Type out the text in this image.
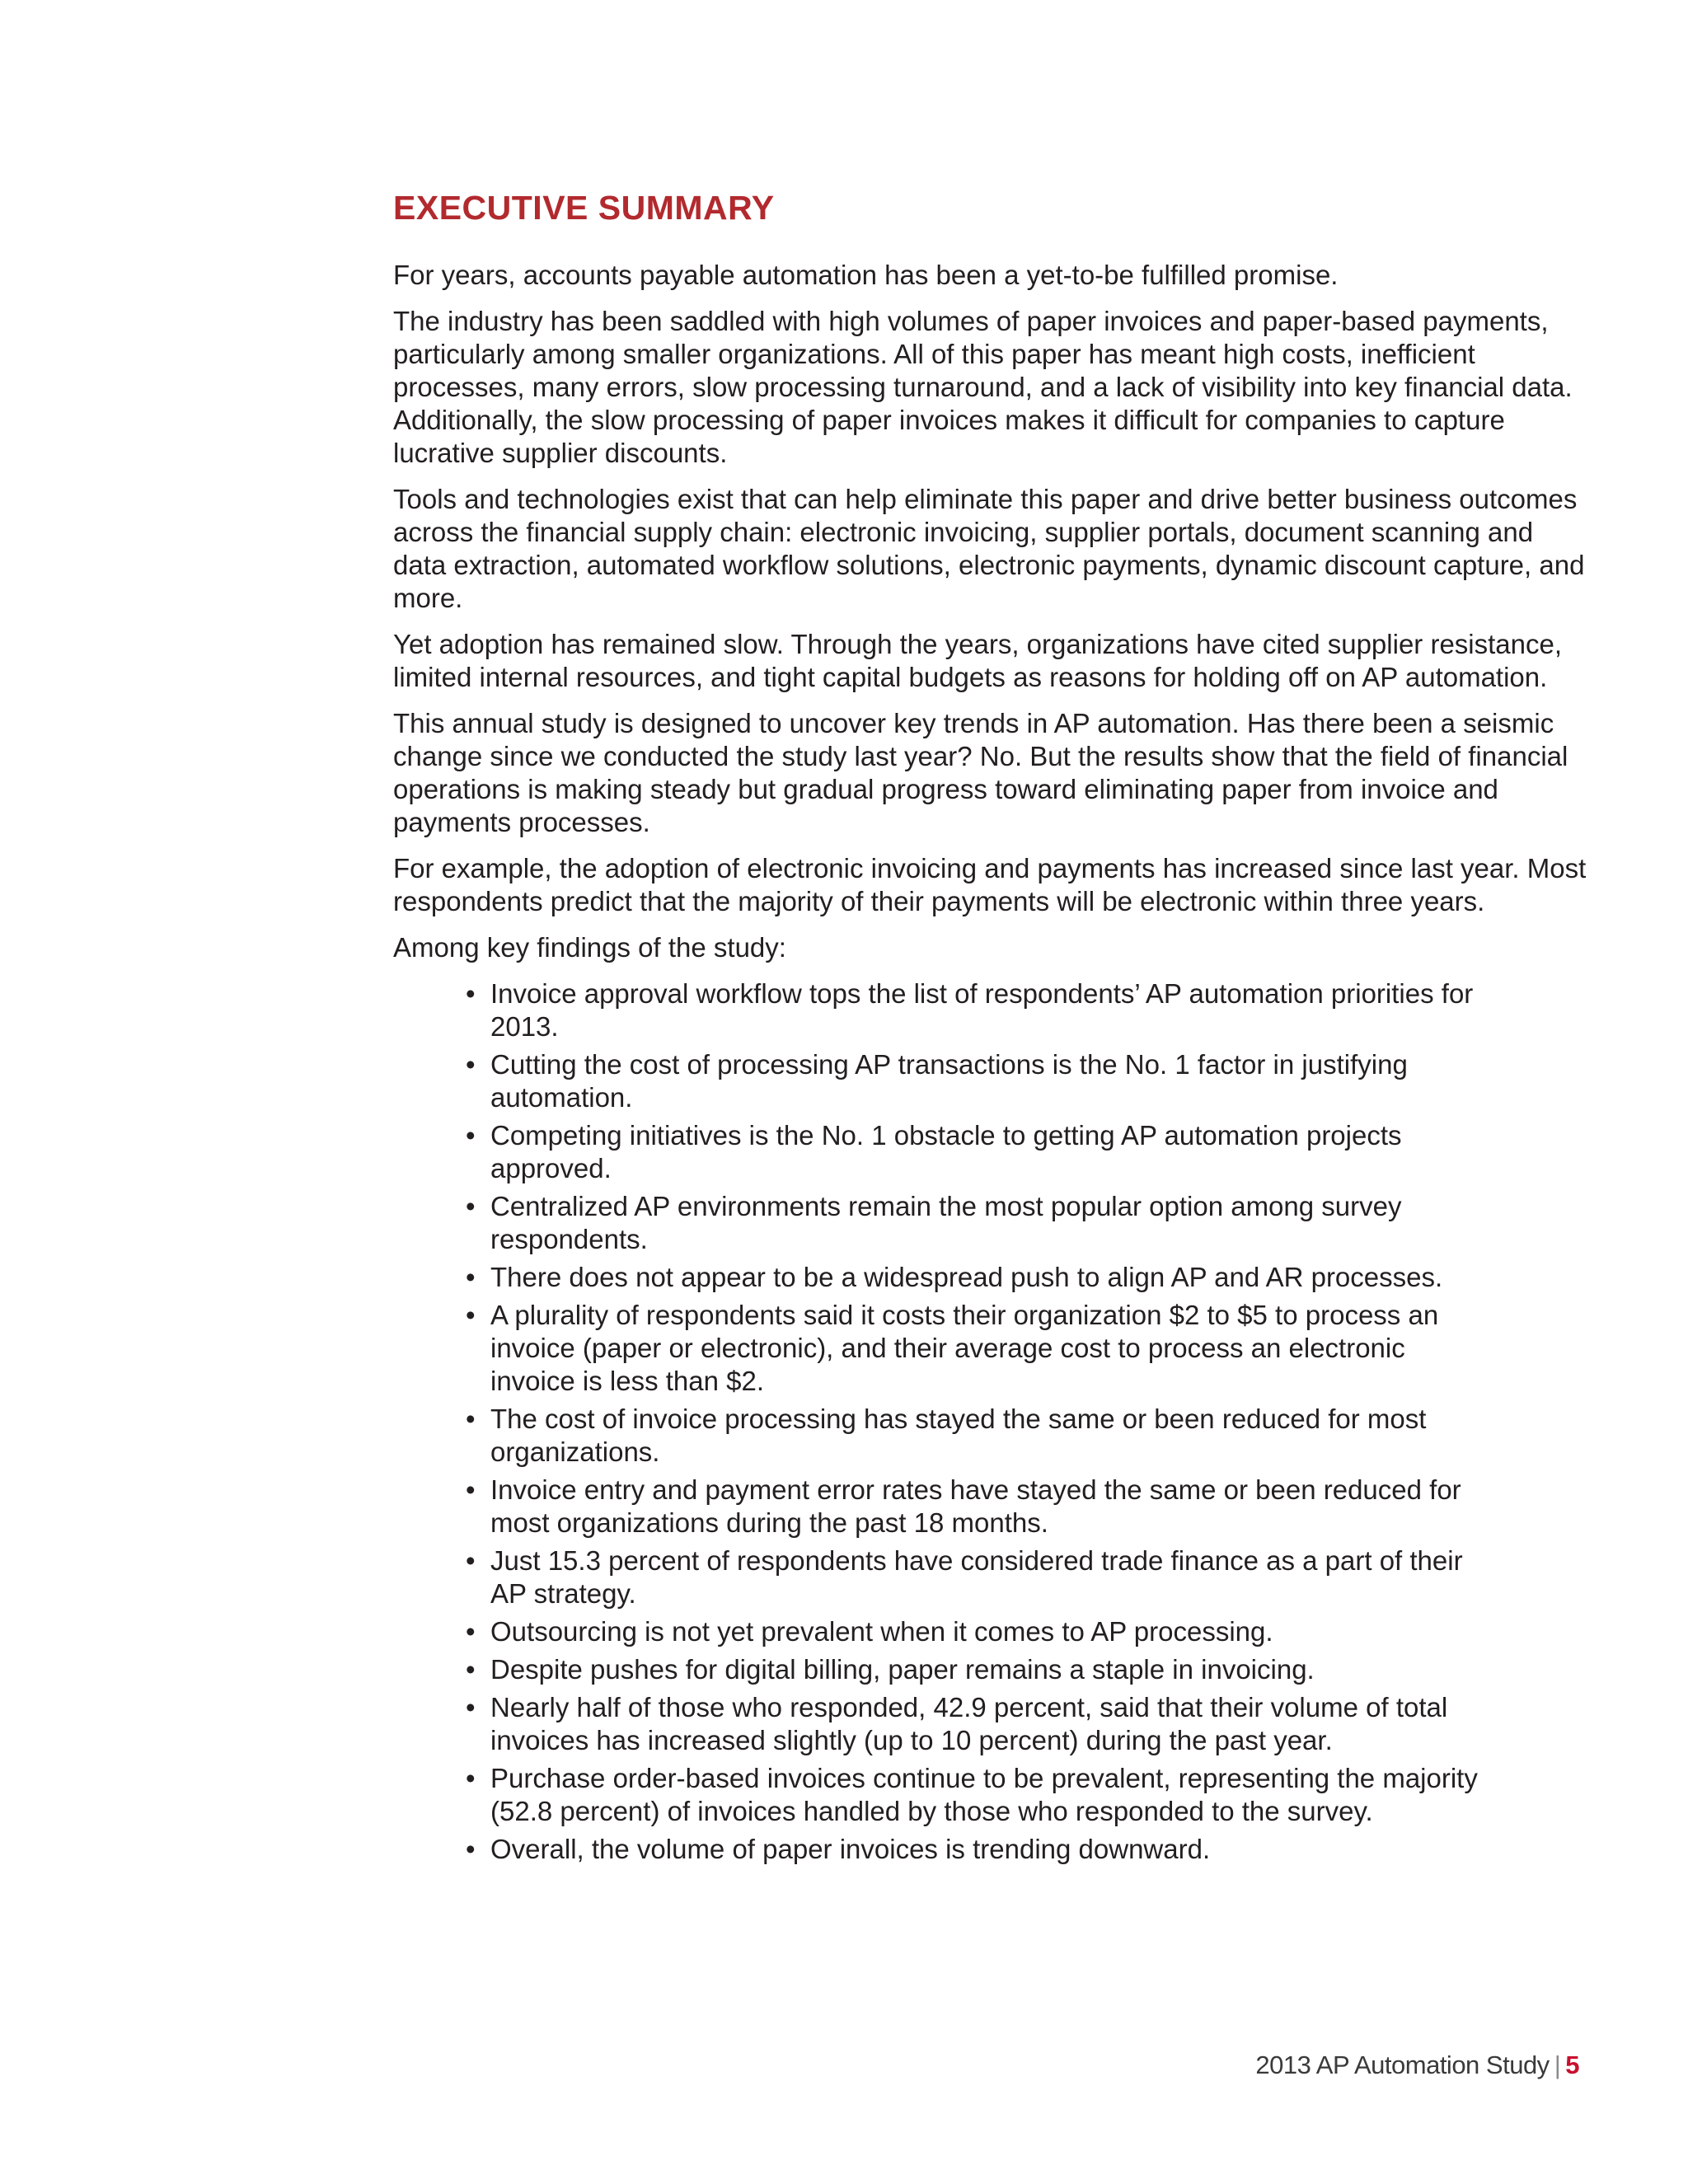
EXECUTIVE SUMMARY

For years, accounts payable automation has been a yet-to-be fulfilled promise.

The industry has been saddled with high volumes of paper invoices and paper-based payments, particularly among smaller organizations. All of this paper has meant high costs, inefficient processes, many errors, slow processing turnaround, and a lack of visibility into key financial data. Additionally, the slow processing of paper invoices makes it difficult for companies to capture lucrative supplier discounts.

Tools and technologies exist that can help eliminate this paper and drive better business outcomes across the financial supply chain: electronic invoicing, supplier portals, document scanning and data extraction, automated workflow solutions, electronic payments, dynamic discount capture, and more.

Yet adoption has remained slow. Through the years, organizations have cited supplier resistance, limited internal resources, and tight capital budgets as reasons for holding off on AP automation.

This annual study is designed to uncover key trends in AP automation. Has there been a seismic change since we conducted the study last year? No. But the results show that the field of financial operations is making steady but gradual progress toward eliminating paper from invoice and payments processes.

For example, the adoption of electronic invoicing and payments has increased since last year. Most respondents predict that the majority of their payments will be electronic within three years.

Among key findings of the study:

• Invoice approval workflow tops the list of respondents’ AP automation priorities for 2013.
• Cutting the cost of processing AP transactions is the No. 1 factor in justifying automation.
• Competing initiatives is the No. 1 obstacle to getting AP automation projects approved.
• Centralized AP environments remain the most popular option among survey respondents.
• There does not appear to be a widespread push to align AP and AR processes.
• A plurality of respondents said it costs their organization $2 to $5 to process an invoice (paper or electronic), and their average cost to process an electronic invoice is less than $2.
• The cost of invoice processing has stayed the same or been reduced for most organizations.
• Invoice entry and payment error rates have stayed the same or been reduced for most organizations during the past 18 months.
• Just 15.3 percent of respondents have considered trade finance as a part of their AP strategy.
• Outsourcing is not yet prevalent when it comes to AP processing.
• Despite pushes for digital billing, paper remains a staple in invoicing.
• Nearly half of those who responded, 42.9 percent, said that their volume of total invoices has increased slightly (up to 10 percent) during the past year.
• Purchase order-based invoices continue to be prevalent, representing the majority (52.8 percent) of invoices handled by those who responded to the survey.
• Overall, the volume of paper invoices is trending downward.
2013 AP Automation Study | 5
